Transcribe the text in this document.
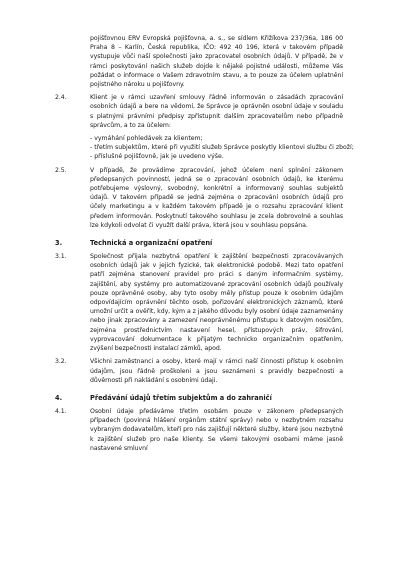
pojišťovnou ERV Evropská pojišťovna, a. s., se sídlem Křižíkova 237/36a, 186 00 Praha 8 – Karlín, Česká republika, IČO: 492 40 196, která v takovém případě vystupuje vůči naší společnosti jako zpracovatel osobních údajů. V případě, že v rámci poskytování našich služeb dojde k nějaké pojistné události, můžeme Vás požádat o informace o Vašem zdravotním stavu, a to pouze za účelem uplatnění pojistného nároku u pojišťovny.

2.4.	Klient je v rámci uzavření smlouvy řádně informován o zásadách zpracování osobních údajů a bere na vědomí, že Správce je oprávněn osobní údaje v souladu s platnými právními předpisy zpřístupnit dalším zpracovatelům nebo případně správcům, a to za účelem:
- vymáhání pohledávek za klientem;
- třetím subjektům, které při využití služeb Správce poskytly klientovi službu či zboží;
- příslušné pojišťovně, jak je uvedeno výše.
2.5.	V případě, že provádíme zpracování, jehož účelem není splnění zákonem předepsaných povinností, jedná se o zpracování osobních údajů, ke kterému potřebujeme výslovný, svobodný, konkrétní a informovaný souhlas subjektů údajů. V takovém případě se jedná zejména o zpracování osobních údajů pro účely marketingu a v každém takovém případě je o rozsahu zpracování klient předem informován. Poskytnutí takového souhlasu je zcela dobrovolné a souhlas lze kdykoli odvolat či využít další práva, která jsou v souhlasu popsána.
3.	Technická a organizační opatření
3.1.	Společnost přijala nezbytná opatření k zajištění bezpečnosti zpracovávaných osobních údajů jak v jejich fyzické, tak elektronické podobě. Mezi tato opatření patří zejména stanovení pravidel pro práci s daným informačním systémy, zajištění, aby systémy pro automatizované zpracování osobních údajů používaly pouze oprávněné osoby, aby tyto osoby měly přístup pouze k osobním údajům odpovídajícím oprávnění těchto osob, pořizování elektronických záznamů, které umožní určit a ověřit, kdy, kým a z jakého důvodu byly osobní údaje zaznamenány nebo jinak zpracovány a zamezení neoprávněnému přístupu k datovým nosičům, zejména prostřednictvím nastavení hesel, přístupových práv, šifrování, vyprovacování dokumentace k přijatým technicko organizačním opatřením, zvýšení bezpečnosti instalací zámků, apod.
3.2.	Všichni zaměstnanci a osoby, které mají v rámci naší činnosti přístup k osobním údajům, jsou řádně proškoleni a jsou seznámeni s pravidly bezpečnosti a důvěrnosti při nakládání s osobními údaji.
4.	Předávání údajů třetím subjektům a do zahraničí
4.1.	Osobní údaje předáváme třetím osobám pouze v zákonem předepsaných případech (povinná hlášení orgánům státní správy) nebo v nezbytném rozsahu vybraným dodavatelům, kteří pro nás zajišťují některé služby, které jsou nezbytné k zajištění služeb pro naše klienty. Se všemi takovými osobami máme jasně nastavené smluvní
